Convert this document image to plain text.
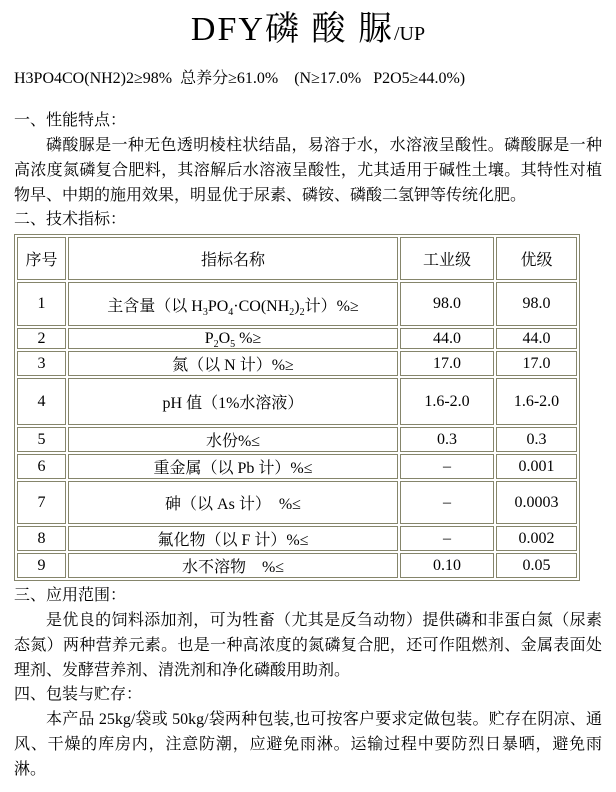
DFY磷 酸 脲/UP
H3PO4CO(NH2)2≥98%  总养分≥61.0%    (N≥17.0%   P2O5≥44.0%)
一、性能特点：

磷酸脲是一种无色透明棱柱状结晶，易溶于水，水溶液呈酸性。磷酸脲是一种高浓度氮磷复合肥料，其溶解后水溶液呈酸性，尤其适用于碱性土壤。其特性对植物早、中期的施用效果，明显优于尿素、磷铵、磷酸二氢钾等传统化肥。

二、技术指标：
序号	指标名称	工业级	优级
1	主含量（以 $H_3PO_4\cdot CO(NH_2)_2$计）%≥	98.0	98.0
2	$P_2O_5$ %≥	44.0	44.0
3	氮（以 N 计）%≥	17.0	17.0
4	pH 值（1%水溶液）	1.6-2.0	1.6-2.0
5	水份%≤	0.3	0.3
6	重金属（以 Pb 计）%≤	–	0.001
7	砷（以 As 计）　%≤	–	0.0003
8	氟化物（以 F 计）%≤	–	0.002
9	水不溶物　%≤	0.10	0.05
三、应用范围：

是优良的饲料添加剂，可为牲畜（尤其是反刍动物）提供磷和非蛋白氮（尿素态氮）两种营养元素。也是一种高浓度的氮磷复合肥，还可作阻燃剂、金属表面处理剂、发酵营养剂、清洗剂和净化磷酸用助剂。

四、包装与贮存：

本产品 25kg/袋或 50kg/袋两种包装,也可按客户要求定做包装。贮存在阴凉、通风、干燥的库房内，注意防潮，应避免雨淋。运输过程中要防烈日暴晒，避免雨淋。
